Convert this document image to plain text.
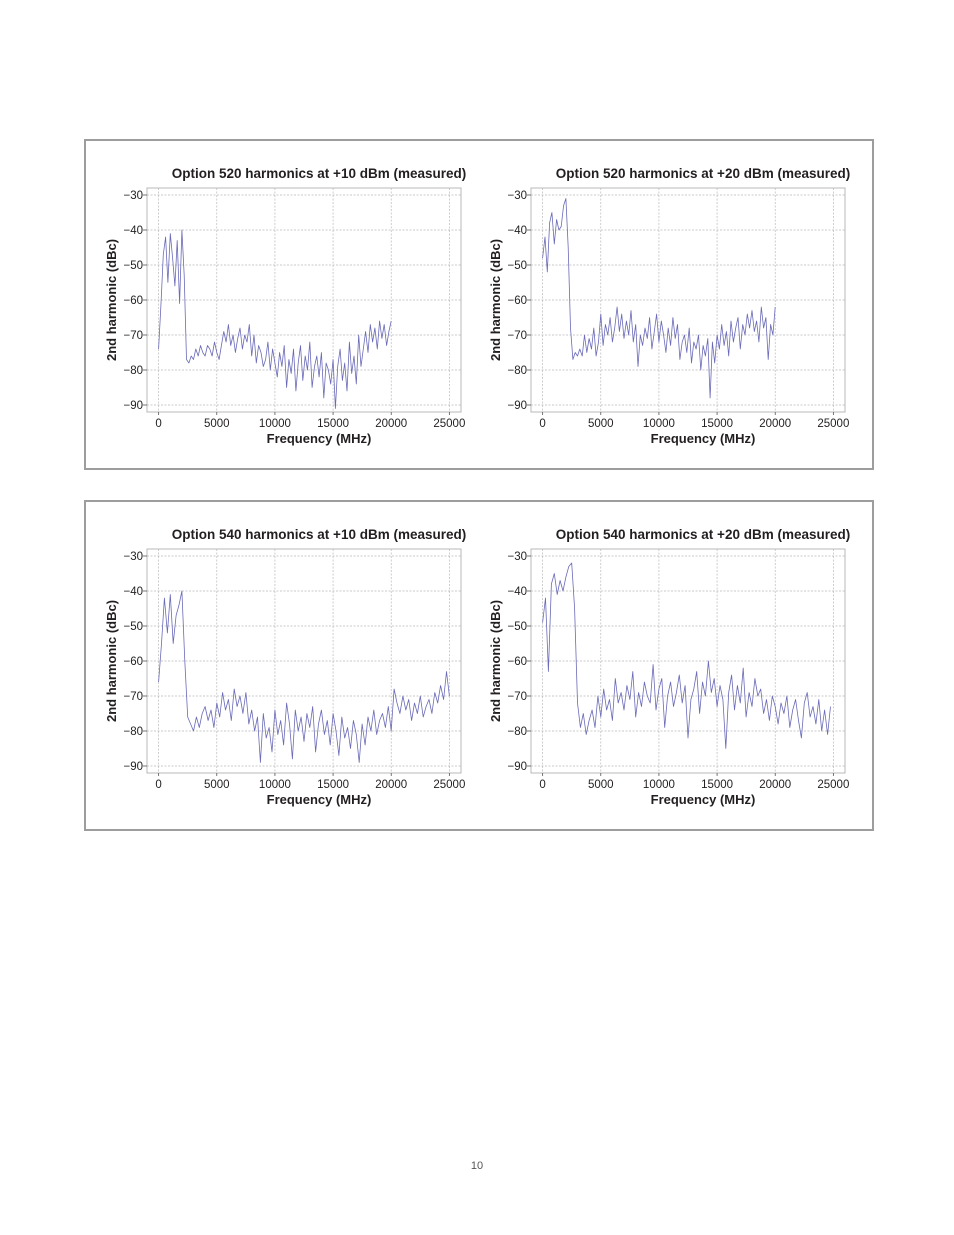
Option 520 harmonics at +10 dBm (measured)
−30
−40
−50
−60
−70
−80
−90
0	5000	10000 15000 20000 25000
Frequency (MHz)
2nd harmonic (dBc)
Option 520 harmonics at +20 dBm (measured)
−30
−40
−50
−60
−70
−80
−90
0	5000	10000 15000 20000 25000
Frequency (MHz)
2nd harmonic (dBc)
Option 540 harmonics at +10 dBm (measured)
−30
−40
−50
−60
−70
−80
−90
0	5000	10000 15000 20000 25000
Frequency (MHz)
2nd harmonic (dBc)
Option 540 harmonics at +20 dBm (measured)
−30
−40
−50
−60
−70
−80
−90
0	5000	10000 15000 20000 25000
Frequency (MHz)
2nd harmonic (dBc)
10
